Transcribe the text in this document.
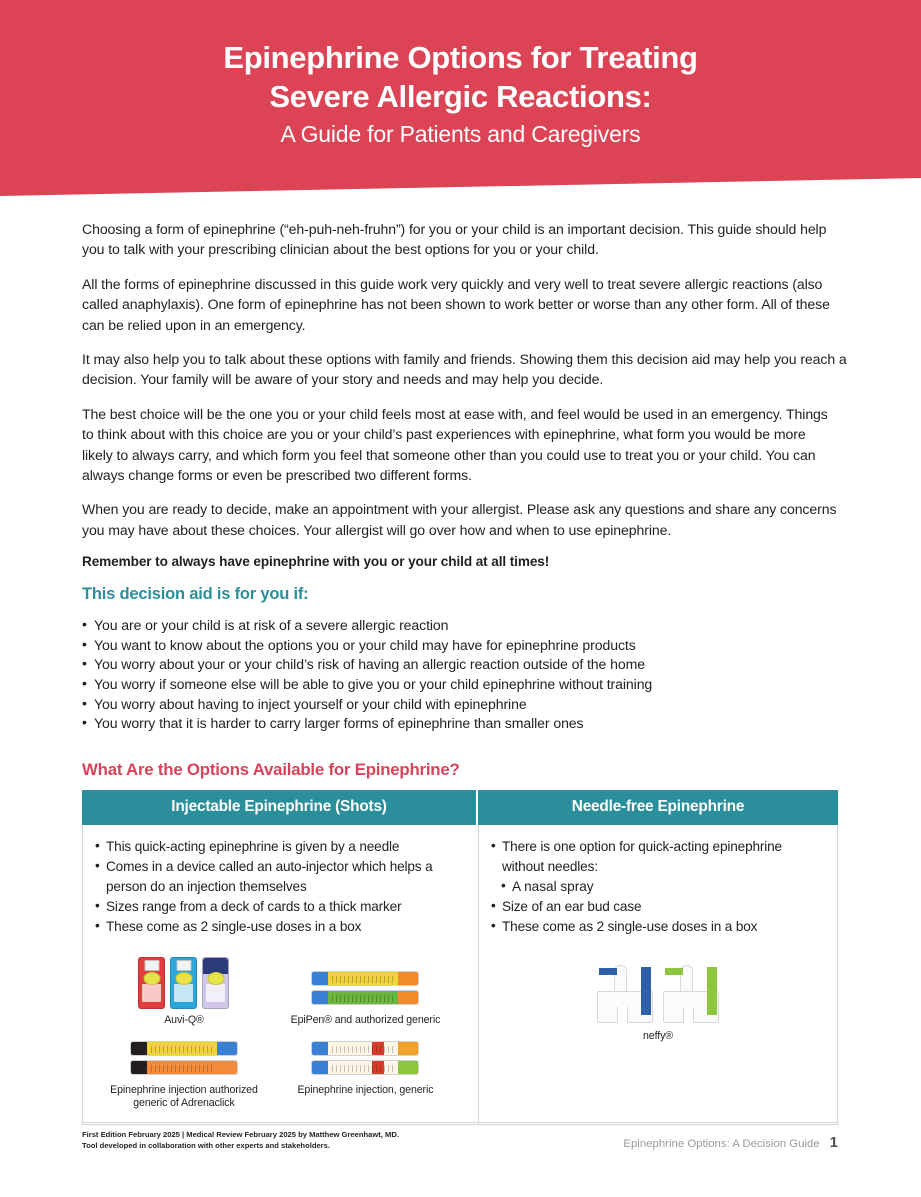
Epinephrine Options for Treating
Severe Allergic Reactions:
A Guide for Patients and Caregivers

Choosing a form of epinephrine (“eh-puh-neh-fruhn”) for you or your child is an important decision. This guide should help you to talk with your prescribing clinician about the best options for you or your child.

All the forms of epinephrine discussed in this guide work very quickly and very well to treat severe allergic reactions (also called anaphylaxis). One form of epinephrine has not been shown to work better or worse than any other form. All of these can be relied upon in an emergency.

It may also help you to talk about these options with family and friends. Showing them this decision aid may help you reach a decision. Your family will be aware of your story and needs and may help you decide.

The best choice will be the one you or your child feels most at ease with, and feel would be used in an emergency. Things to think about with this choice are you or your child’s past experiences with epinephrine, what form you would be more likely to always carry, and which form you feel that someone other than you could use to treat you or your child. You can always change forms or even be prescribed two different forms.

When you are ready to decide, make an appointment with your allergist. Please ask any questions and share any concerns you may have about these choices. Your allergist will go over how and when to use epinephrine.

Remember to always have epinephrine with you or your child at all times!

This decision aid is for you if:
• You are or your child is at risk of a severe allergic reaction
• You want to know about the options you or your child may have for epinephrine products
• You worry about your or your child’s risk of having an allergic reaction outside of the home
• You worry if someone else will be able to give you or your child epinephrine without training
• You worry about having to inject yourself or your child with epinephrine
• You worry that it is harder to carry larger forms of epinephrine than smaller ones
What Are the Options Available for Epinephrine?
Injectable Epinephrine (Shots)	Needle-free Epinephrine
• This quick-acting epinephrine is given by a needle
• Comes in a device called an auto-injector which helps a person do an injection themselves
• Sizes range from a deck of cards to a thick marker
• These come as 2 single-use doses in a box
Auvi-Q®	EpiPen® and authorized generic
Epinephrine injection authorized generic of Adrenaclick
Epinephrine injection, generic
• There is one option for quick-acting epinephrine without needles:
• A nasal spray
• Size of an ear bud case
• These come as 2 single-use doses in a box
neffy®
First Edition February 2025 | Medical Review February 2025 by Matthew Greenhawt, MD.
Tool developed in collaboration with other experts and stakeholders.	Epinephrine Options: A Decision Guide 1
